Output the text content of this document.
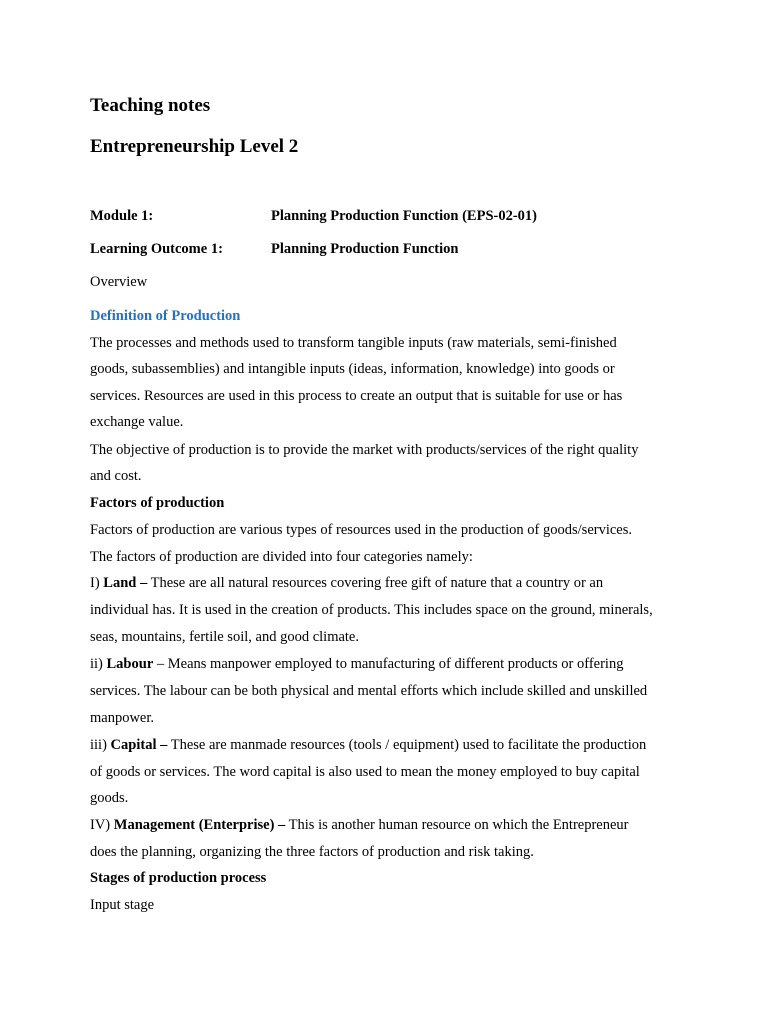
Teaching notes
Entrepreneurship Level 2
Module 1:	Planning Production Function (EPS-02-01)
Learning Outcome 1:	Planning Production Function
Overview
Definition of Production
The processes and methods used to transform tangible inputs (raw materials, semi-finished
goods, subassemblies) and intangible inputs (ideas, information, knowledge) into goods or
services. Resources are used in this process to create an output that is suitable for use or has
exchange value.
The objective of production is to provide the market with products/services of the right quality
and cost.
Factors of production
Factors of production are various types of resources used in the production of goods/services.
The factors of production are divided into four categories namely:
I) Land – These are all natural resources covering free gift of nature that a country or an
individual has. It is used in the creation of products. This includes space on the ground, minerals,
seas, mountains, fertile soil, and good climate.
ii) Labour – Means manpower employed to manufacturing of different products or offering
services. The labour can be both physical and mental efforts which include skilled and unskilled
manpower.
iii) Capital – These are manmade resources (tools / equipment) used to facilitate the production
of goods or services. The word capital is also used to mean the money employed to buy capital
goods.
IV) Management (Enterprise) – This is another human resource on which the Entrepreneur
does the planning, organizing the three factors of production and risk taking.
Stages of production process
Input stage
